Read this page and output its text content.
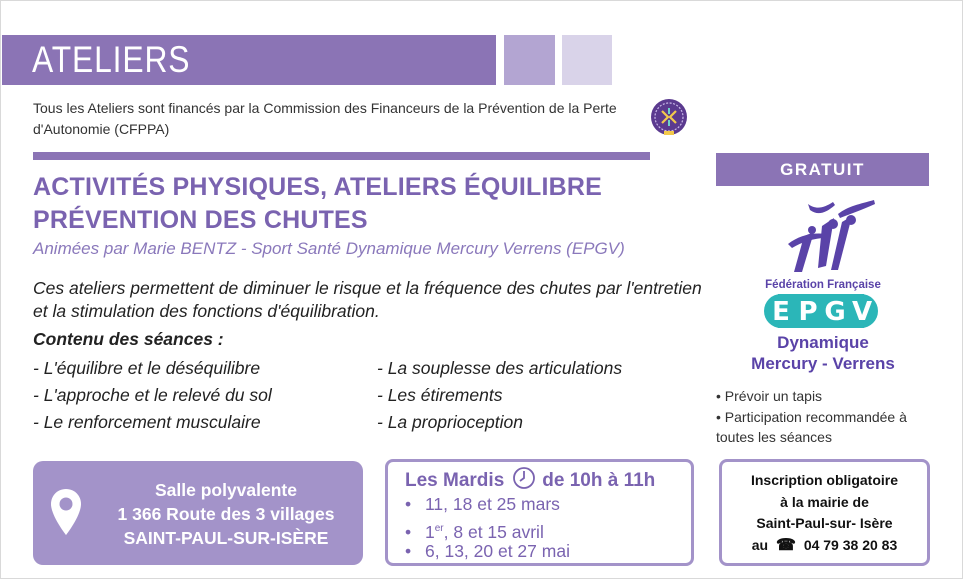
ATELIERS
Tous les Ateliers sont financés par la Commission des Financeurs de la Prévention de la Perte d'Autonomie (CFPPA)
ACTIVITÉS PHYSIQUES, ATELIERS ÉQUILIBRE
PRÉVENTION DES CHUTES
Animées par Marie BENTZ - Sport Santé Dynamique Mercury Verrens (EPGV)
Ces ateliers permettent de diminuer le risque et la fréquence des chutes par l'entretien et la stimulation des fonctions d'équilibration.
Contenu des séances :
- L'équilibre et le déséquilibre
- L'approche et le relevé du sol
- Le renforcement musculaire
- La souplesse des articulations
- Les étirements
- La proprioception
GRATUIT
Fédération Française
E P G V
Dynamique
Mercury - Verrens
• Prévoir un tapis
• Participation recommandée à toutes les séances
Salle polyvalente
1 366 Route des 3 villages
SAINT-PAUL-SUR-ISÈRE
Les Mardis de 10h à 11h
• 11, 18 et 25 mars
• 1er, 8 et 15 avril
• 6, 13, 20 et 27 mai
Inscription obligatoire
à la mairie de
Saint-Paul-sur- Isère
au ☎ 04 79 38 20 83
